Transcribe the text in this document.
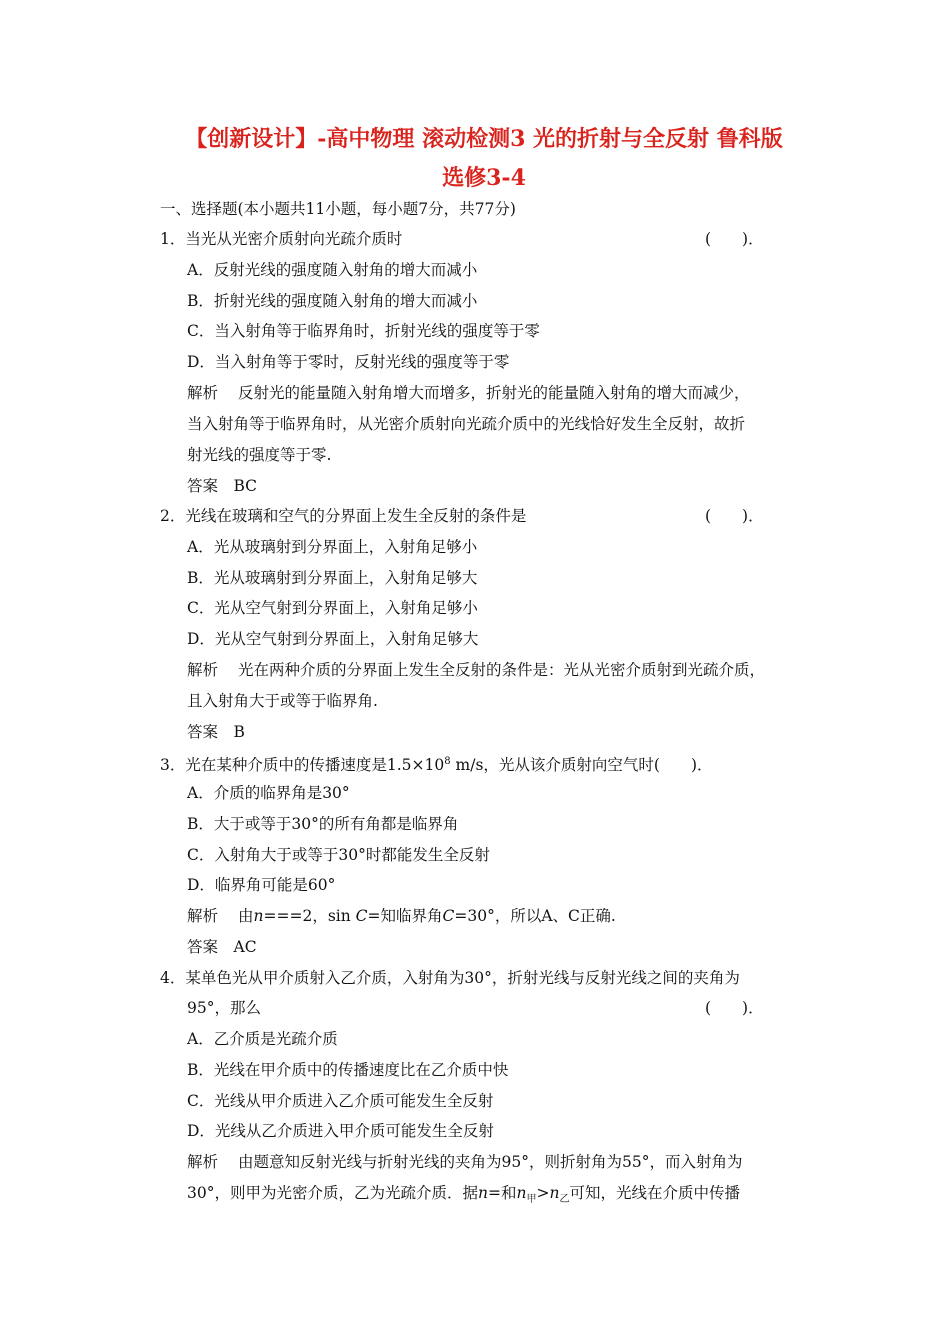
【创新设计】-高中物理 滚动检测3 光的折射与全反射 鲁科版
选修3-4
一、选择题(本小题共11小题，每小题7分，共77分)
1．当光从光密介质射向光疏介质时	(　　)．
A．反射光线的强度随入射角的增大而减小
B．折射光线的强度随入射角的增大而减小
C．当入射角等于临界角时，折射光线的强度等于零
D．当入射角等于零时，反射光线的强度等于零
解析 反射光的能量随入射角增大而增多，折射光的能量随入射角的增大而减少，
当入射角等于临界角时，从光密介质射向光疏介质中的光线恰好发生全反射，故折
射光线的强度等于零.
答案　BC
2．光线在玻璃和空气的分界面上发生全反射的条件是	(　　)．
A．光从玻璃射到分界面上，入射角足够小
B．光从玻璃射到分界面上，入射角足够大
C．光从空气射到分界面上，入射角足够小
D．光从空气射到分界面上，入射角足够大
解析 光在两种介质的分界面上发生全反射的条件是：光从光密介质射到光疏介质，
且入射角大于或等于临界角.
答案　B
3．光在某种介质中的传播速度是$1.5\times 10^8$ m/s，光从该介质射向空气时(　　)．
A．介质的临界角是30°
B．大于或等于30°的所有角都是临界角
C．入射角大于或等于30°时都能发生全反射
D．临界角可能是60°
解析 由n===2，sin C=知临界角C=30°，所以A、C正确.
答案　AC
4．某单色光从甲介质射入乙介质，入射角为30°，折射光线与反射光线之间的夹角为
95°，那么	(　　)．
A．乙介质是光疏介质
B．光线在甲介质中的传播速度比在乙介质中快
C．光线从甲介质进入乙介质可能发生全反射
D．光线从乙介质进入甲介质可能发生全反射
解析 由题意知反射光线与折射光线的夹角为95°，则折射角为55°，而入射角为
30°，则甲为光密介质，乙为光疏介质．据n=和$n_甲>n_乙$可知，光线在介质中传播
